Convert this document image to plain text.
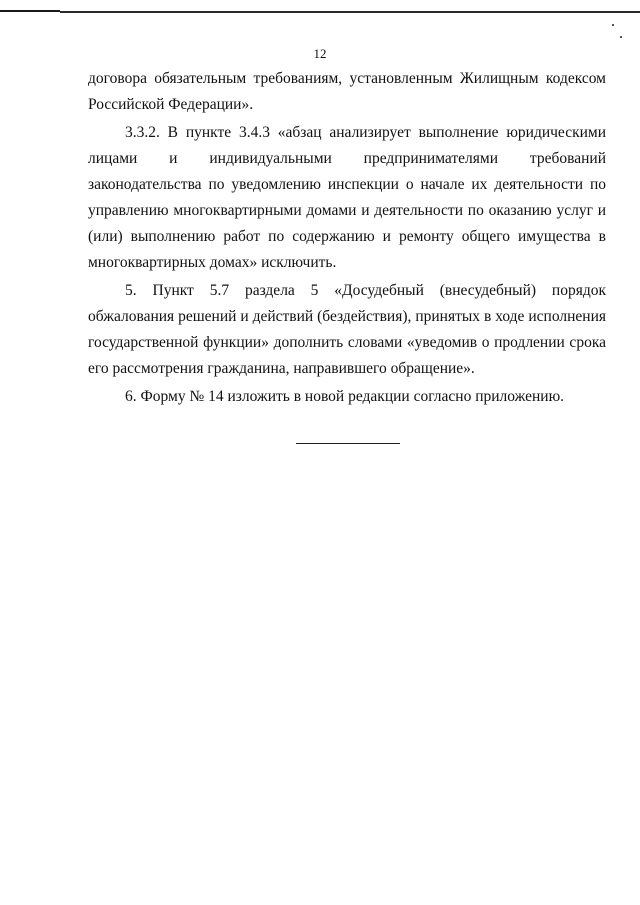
12

договора обязательным требованиям, установленным Жилищным кодексом Российской Федерации».

3.3.2. В пункте 3.4.3 «абзац анализирует выполнение юридическими лицами и индивидуальными предпринимателями требований законодательства по уведомлению инспекции о начале их деятельности по управлению многоквартирными домами и деятельности по оказанию услуг и (или) выполнению работ по содержанию и ремонту общего имущества в многоквартирных домах» исключить.

5. Пункт 5.7 раздела 5 «Досудебный (внесудебный) порядок обжалования решений и действий (бездействия), принятых в ходе исполнения государственной функции» дополнить словами «уведомив о продлении срока его рассмотрения гражданина, направившего обращение».

6. Форму № 14 изложить в новой редакции согласно приложению.
